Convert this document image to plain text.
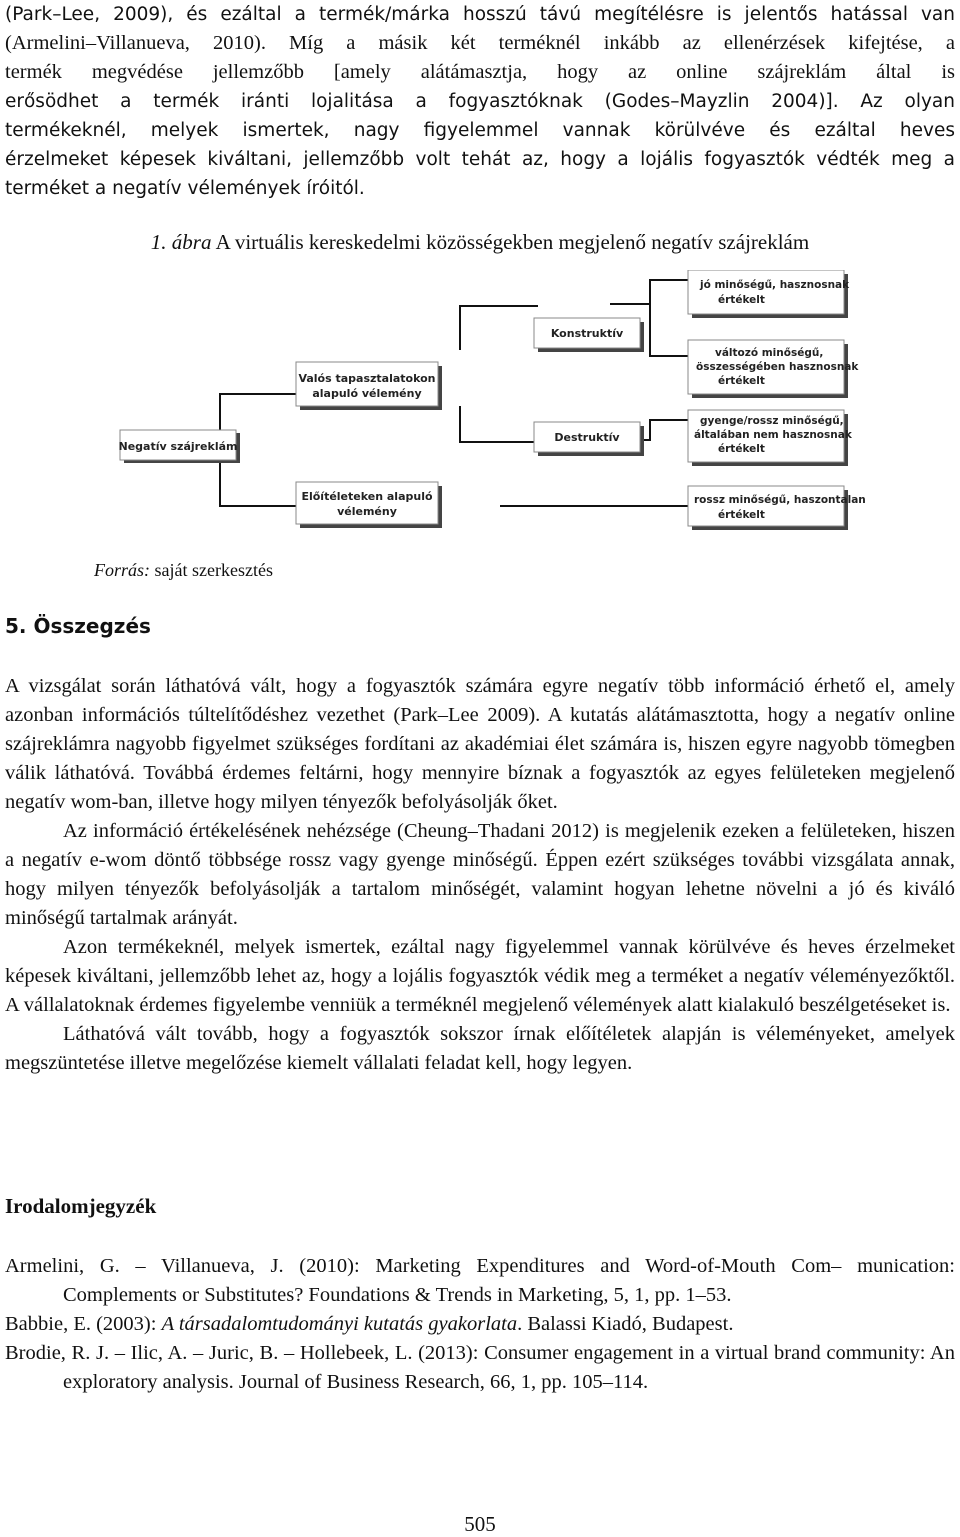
(Park–Lee, 2009), és ezáltal a termék/márka hosszú távú megítélésre is jelentős hatással van

(Armelini–Villanueva, 2010). Míg a másik két terméknél inkább az ellenérzések kifejtése, a

termék megvédése jellemzőbb [amely alátámasztja, hogy az online szájreklám által is

erősödhet a termék iránti lojalitása a fogyasztóknak (Godes–Mayzlin 2004)]. Az olyan

termékeknél, melyek ismertek, nagy figyelemmel vannak körülvéve és ezáltal heves

érzelmeket képesek kiváltani, jellemzőbb volt tehát az, hogy a lojális fogyasztók védték meg a

terméket a negatív vélemények íróitól.

1. ábra A virtuális kereskedelmi közösségekben megjelenő negatív szájreklám
Negatív szájreklám
Valós tapasztalatokon
alapuló vélemény
Előítéleteken alapuló
vélemény
Konstruktív
Destruktív
jó minőségű, hasznosnak
értékelt
változó minőségű,
összességében hasznosnak
értékelt
gyenge/rossz minőségű,
általában nem hasznosnak
értékelt
rossz minőségű, haszontalan
értékelt
Forrás: saját szerkesztés
5. Összegzés

A vizsgálat során láthatóvá vált, hogy a fogyasztók számára egyre negatív több információ érhető el, amely azonban információs túltelítődéshez vezethet (Park–Lee 2009). A kutatás alátámasztotta, hogy a negatív online szájreklámra nagyobb figyelmet szükséges fordítani az akadémiai élet számára is, hiszen egyre nagyobb tömegben válik láthatóvá. Továbbá érdemes feltárni, hogy mennyire bíznak a fogyasztók az egyes felületeken megjelenő negatív wom-ban, illetve hogy milyen tényezők befolyásolják őket.

Az információ értékelésének nehézsége (Cheung–Thadani 2012) is megjelenik ezeken a felületeken, hiszen a negatív e-wom döntő többsége rossz vagy gyenge minőségű. Éppen ezért szükséges további vizsgálata annak, hogy milyen tényezők befolyásolják a tartalom minőségét, valamint hogyan lehetne növelni a jó és kiváló minőségű tartalmak arányát.

Azon termékeknél, melyek ismertek, ezáltal nagy figyelemmel vannak körülvéve és heves érzelmeket képesek kiváltani, jellemzőbb lehet az, hogy a lojális fogyasztók védik meg a terméket a negatív véleményezőktől. A vállalatoknak érdemes figyelembe venniük a terméknél megjelenő vélemények alatt kialakuló beszélgetéseket is.

Láthatóvá vált tovább, hogy a fogyasztók sokszor írnak előítéletek alapján is véleményeket, amelyek megszüntetése illetve megelőzése kiemelt vállalati feladat kell, hogy legyen.

Irodalomjegyzék

Armelini, G. – Villanueva, J. (2010): Marketing Expenditures and Word-of-Mouth Com– munication: Complements or Substitutes? Foundations & Trends in Marketing, 5, 1, pp. 1–53.

Babbie, E. (2003): A társadalomtudományi kutatás gyakorlata. Balassi Kiadó, Budapest.

Brodie, R. J. – Ilic, A. – Juric, B. – Hollebeek, L. (2013): Consumer engagement in a virtual brand community: An exploratory analysis. Journal of Business Research, 66, 1, pp. 105–114.

505
